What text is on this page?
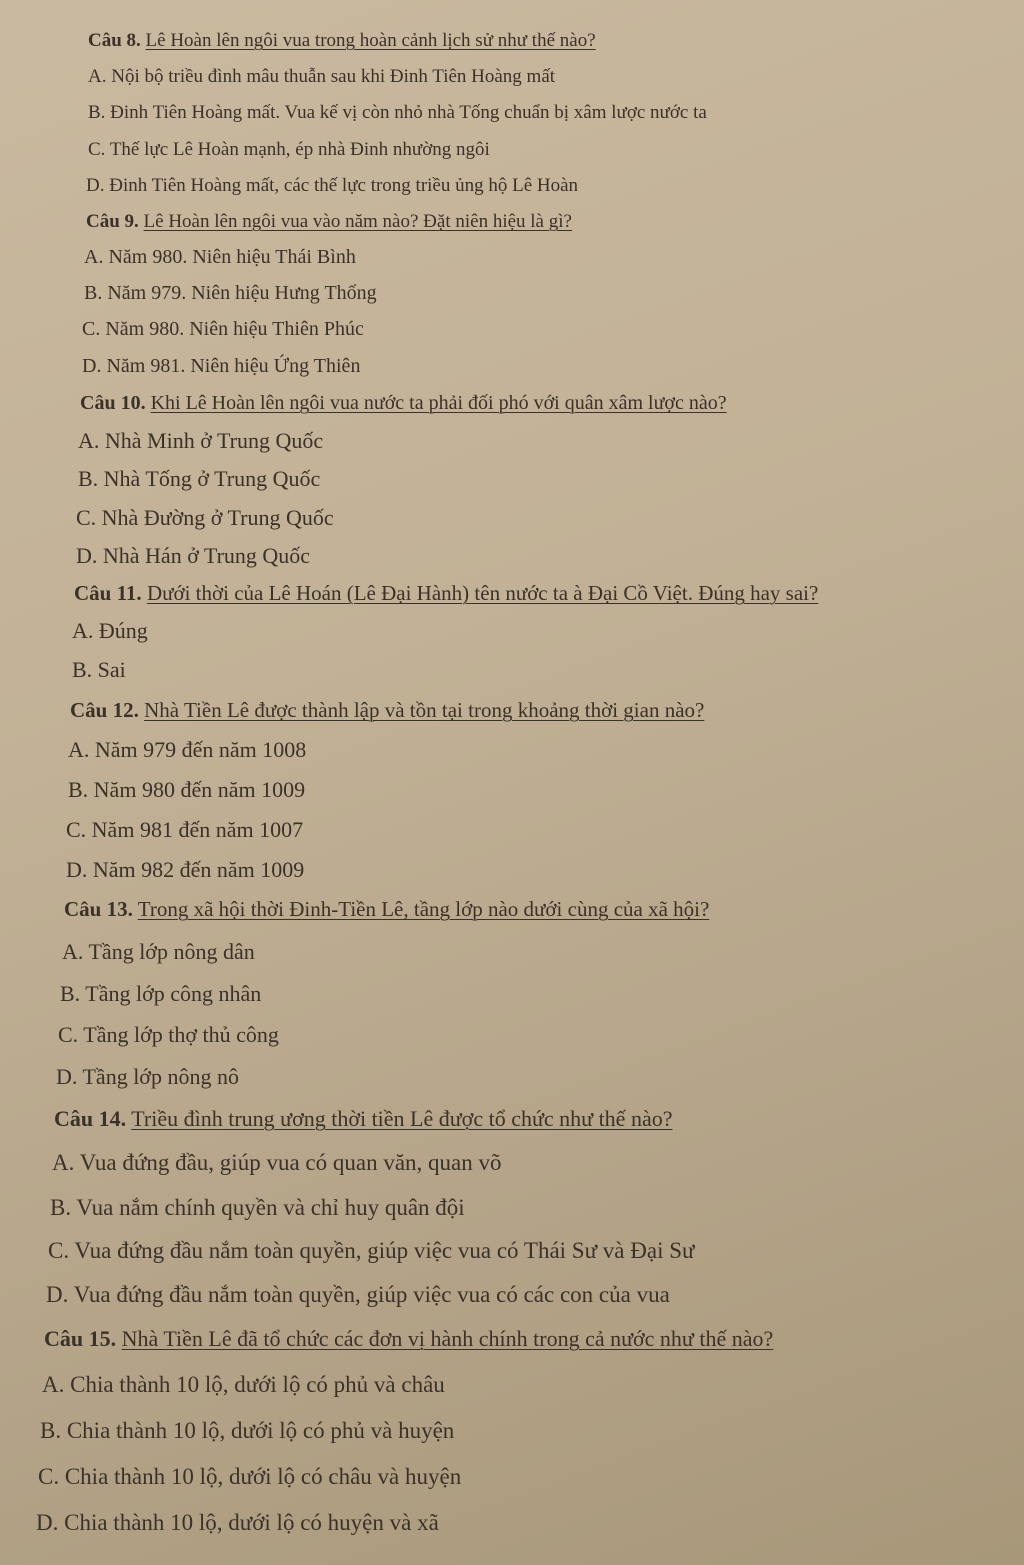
Câu 8. Lê Hoàn lên ngôi vua trong hoàn cảnh lịch sử như thế nào?
A. Nội bộ triều đình mâu thuẫn sau khi Đinh Tiên Hoàng mất
B. Đinh Tiên Hoàng mất. Vua kế vị còn nhỏ nhà Tống chuẩn bị xâm lược nước ta
C. Thế lực Lê Hoàn mạnh, ép nhà Đinh nhường ngôi
D. Đinh Tiên Hoàng mất, các thế lực trong triều ủng hộ Lê Hoàn
Câu 9. Lê Hoàn lên ngôi vua vào năm nào? Đặt niên hiệu là gì?
A. Năm 980. Niên hiệu Thái Bình
B. Năm 979. Niên hiệu Hưng Thống
C. Năm 980. Niên hiệu Thiên Phúc
D. Năm 981. Niên hiệu Ứng Thiên
Câu 10. Khi Lê Hoàn lên ngôi vua nước ta phải đối phó với quân xâm lược nào?
A. Nhà Minh ở Trung Quốc
B. Nhà Tống ở Trung Quốc
C. Nhà Đường ở Trung Quốc
D. Nhà Hán ở Trung Quốc
Câu 11. Dưới thời của Lê Hoán (Lê Đại Hành) tên nước ta à Đại Cồ Việt. Đúng hay sai?
A. Đúng
B. Sai
Câu 12. Nhà Tiền Lê được thành lập và tồn tại trong khoảng thời gian nào?
A. Năm 979 đến năm 1008
B. Năm 980 đến năm 1009
C. Năm 981 đến năm 1007
D. Năm 982 đến năm 1009
Câu 13. Trong xã hội thời Đinh-Tiền Lê, tầng lớp nào dưới cùng của xã hội?
A. Tầng lớp nông dân
B. Tầng lớp công nhân
C. Tầng lớp thợ thủ công
D. Tầng lớp nông nô
Câu 14. Triều đình trung ương thời tiền Lê được tổ chức như thế nào?
A. Vua đứng đầu, giúp vua có quan văn, quan võ
B. Vua nắm chính quyền và chỉ huy quân đội
C. Vua đứng đầu nắm toàn quyền, giúp việc vua có Thái Sư và Đại Sư
D. Vua đứng đầu nắm toàn quyền, giúp việc vua có các con của vua
Câu 15. Nhà Tiền Lê đã tổ chức các đơn vị hành chính trong cả nước như thế nào?
A. Chia thành 10 lộ, dưới lộ có phủ và châu
B. Chia thành 10 lộ, dưới lộ có phủ và huyện
C. Chia thành 10 lộ, dưới lộ có châu và huyện
D. Chia thành 10 lộ, dưới lộ có huyện và xã
